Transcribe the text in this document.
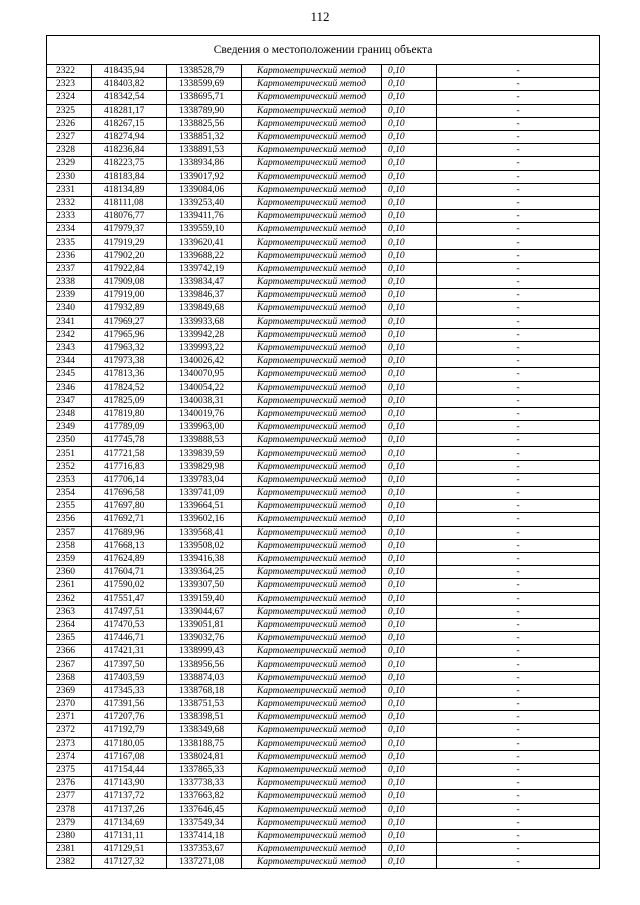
112
Сведения о местоположении границ объекта					
2322	418435,94	1338528,79	Картометрический метод	0,10	-
2323	418403,82	1338599,69	Картометрический метод	0,10	-
2324	418342,54	1338695,71	Картометрический метод	0,10	-
2325	418281,17	1338789,90	Картометрический метод	0,10	-
2326	418267,15	1338825,56	Картометрический метод	0,10	-
2327	418274,94	1338851,32	Картометрический метод	0,10	-
2328	418236,84	1338891,53	Картометрический метод	0,10	-
2329	418223,75	1338934,86	Картометрический метод	0,10	-
2330	418183,84	1339017,92	Картометрический метод	0,10	-
2331	418134,89	1339084,06	Картометрический метод	0,10	-
2332	418111,08	1339253,40	Картометрический метод	0,10	-
2333	418076,77	1339411,76	Картометрический метод	0,10	-
2334	417979,37	1339559,10	Картометрический метод	0,10	-
2335	417919,29	1339620,41	Картометрический метод	0,10	-
2336	417902,20	1339688,22	Картометрический метод	0,10	-
2337	417922,84	1339742,19	Картометрический метод	0,10	-
2338	417909,08	1339834,47	Картометрический метод	0,10	-
2339	417919,00	1339846,37	Картометрический метод	0,10	-
2340	417932,89	1339849,68	Картометрический метод	0,10	-
2341	417969,27	1339933,68	Картометрический метод	0,10	-
2342	417965,96	1339942,28	Картометрический метод	0,10	-
2343	417963,32	1339993,22	Картометрический метод	0,10	-
2344	417973,38	1340026,42	Картометрический метод	0,10	-
2345	417813,36	1340070,95	Картометрический метод	0,10	-
2346	417824,52	1340054,22	Картометрический метод	0,10	-
2347	417825,09	1340038,31	Картометрический метод	0,10	-
2348	417819,80	1340019,76	Картометрический метод	0,10	-
2349	417789,09	1339963,00	Картометрический метод	0,10	-
2350	417745,78	1339888,53	Картометрический метод	0,10	-
2351	417721,58	1339839,59	Картометрический метод	0,10	-
2352	417716,83	1339829,98	Картометрический метод	0,10	-
2353	417706,14	1339783,04	Картометрический метод	0,10	-
2354	417696,58	1339741,09	Картометрический метод	0,10	-
2355	417697,80	1339664,51	Картометрический метод	0,10	-
2356	417692,71	1339602,16	Картометрический метод	0,10	-
2357	417689,96	1339568,41	Картометрический метод	0,10	-
2358	417668,13	1339508,02	Картометрический метод	0,10	-
2359	417624,89	1339416,38	Картометрический метод	0,10	-
2360	417604,71	1339364,25	Картометрический метод	0,10	-
2361	417590,02	1339307,50	Картометрический метод	0,10	-
2362	417551,47	1339159,40	Картометрический метод	0,10	-
2363	417497,51	1339044,67	Картометрический метод	0,10	-
2364	417470,53	1339051,81	Картометрический метод	0,10	-
2365	417446,71	1339032,76	Картометрический метод	0,10	-
2366	417421,31	1338999,43	Картометрический метод	0,10	-
2367	417397,50	1338956,56	Картометрический метод	0,10	-
2368	417403,59	1338874,03	Картометрический метод	0,10	-
2369	417345,33	1338768,18	Картометрический метод	0,10	-
2370	417391,56	1338751,53	Картометрический метод	0,10	-
2371	417207,76	1338398,51	Картометрический метод	0,10	-
2372	417192,79	1338349,68	Картометрический метод	0,10	-
2373	417180,05	1338188,75	Картометрический метод	0,10	-
2374	417167,08	1338024,81	Картометрический метод	0,10	-
2375	417154,44	1337865,33	Картометрический метод	0,10	-
2376	417143,90	1337738,33	Картометрический метод	0,10	-
2377	417137,72	1337663,82	Картометрический метод	0,10	-
2378	417137,26	1337646,45	Картометрический метод	0,10	-
2379	417134,69	1337549,34	Картометрический метод	0,10	-
2380	417131,11	1337414,18	Картометрический метод	0,10	-
2381	417129,51	1337353,67	Картометрический метод	0,10	-
2382	417127,32	1337271,08	Картометрический метод	0,10	-
